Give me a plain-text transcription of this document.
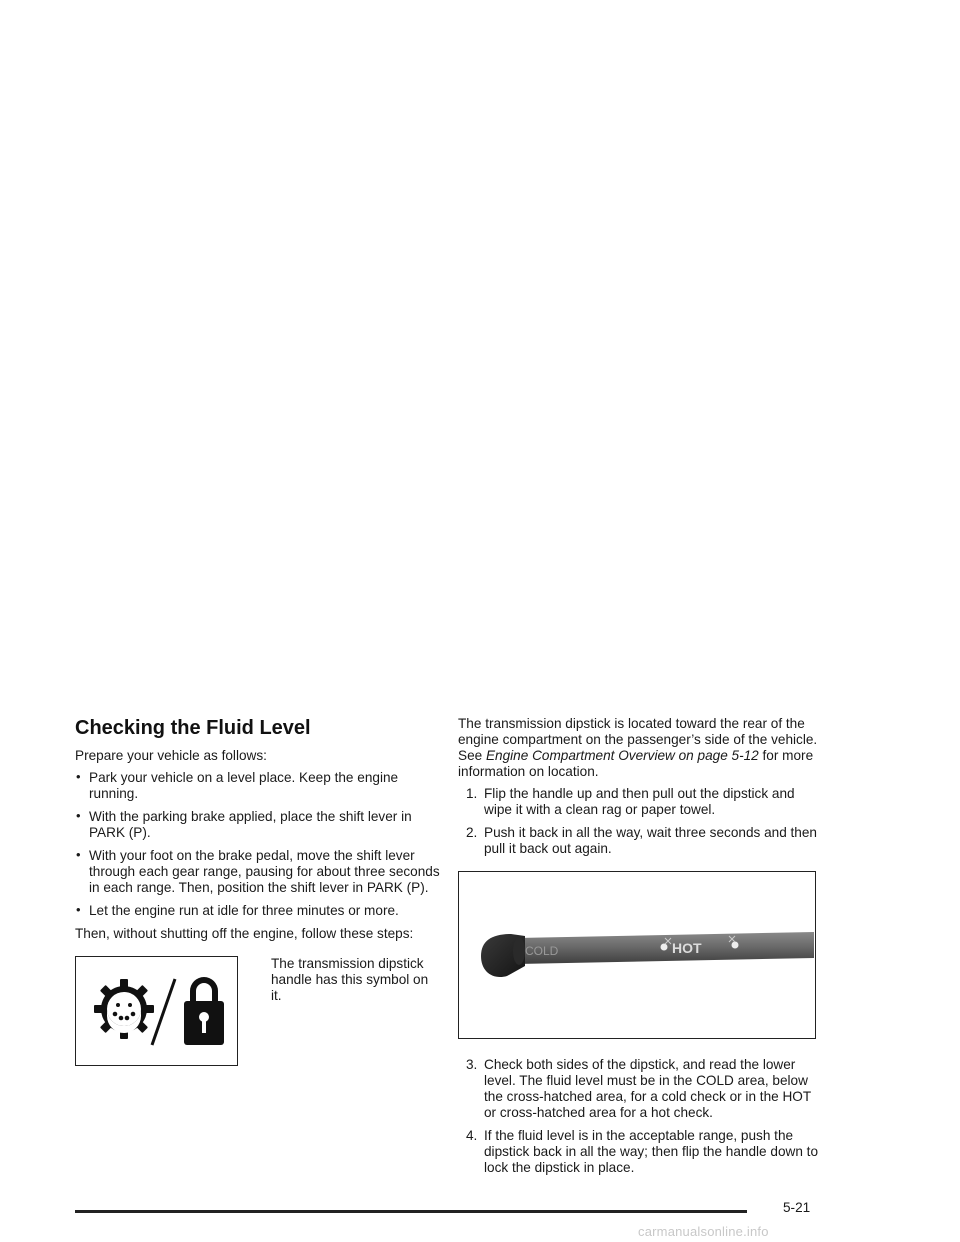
Checking the Fluid Level

Prepare your vehicle as follows:

• Park your vehicle on a level place. Keep the engine running.
• With the parking brake applied, place the shift lever in PARK (P).
• With your foot on the brake pedal, move the shift lever through each gear range, pausing for about three seconds in each range. Then, position the shift lever in PARK (P).
• Let the engine run at idle for three minutes or more.

Then, without shutting off the engine, follow these steps:

The transmission dipstick handle has this symbol on it.

The transmission dipstick is located toward the rear of the engine compartment on the passenger’s side of the vehicle. See Engine Compartment Overview on page 5-12 for more information on location.

1. Flip the handle up and then pull out the dipstick and wipe it with a clean rag or paper towel.
2. Push it back in all the way, wait three seconds and then pull it back out again.
COLD	HOT
3. Check both sides of the dipstick, and read the lower level. The fluid level must be in the COLD area, below the cross-hatched area, for a cold check or in the HOT or cross-hatched area for a hot check.
4. If the fluid level is in the acceptable range, push the dipstick back in all the way; then flip the handle down to lock the dipstick in place.
5-21
carmanualsonline.info
